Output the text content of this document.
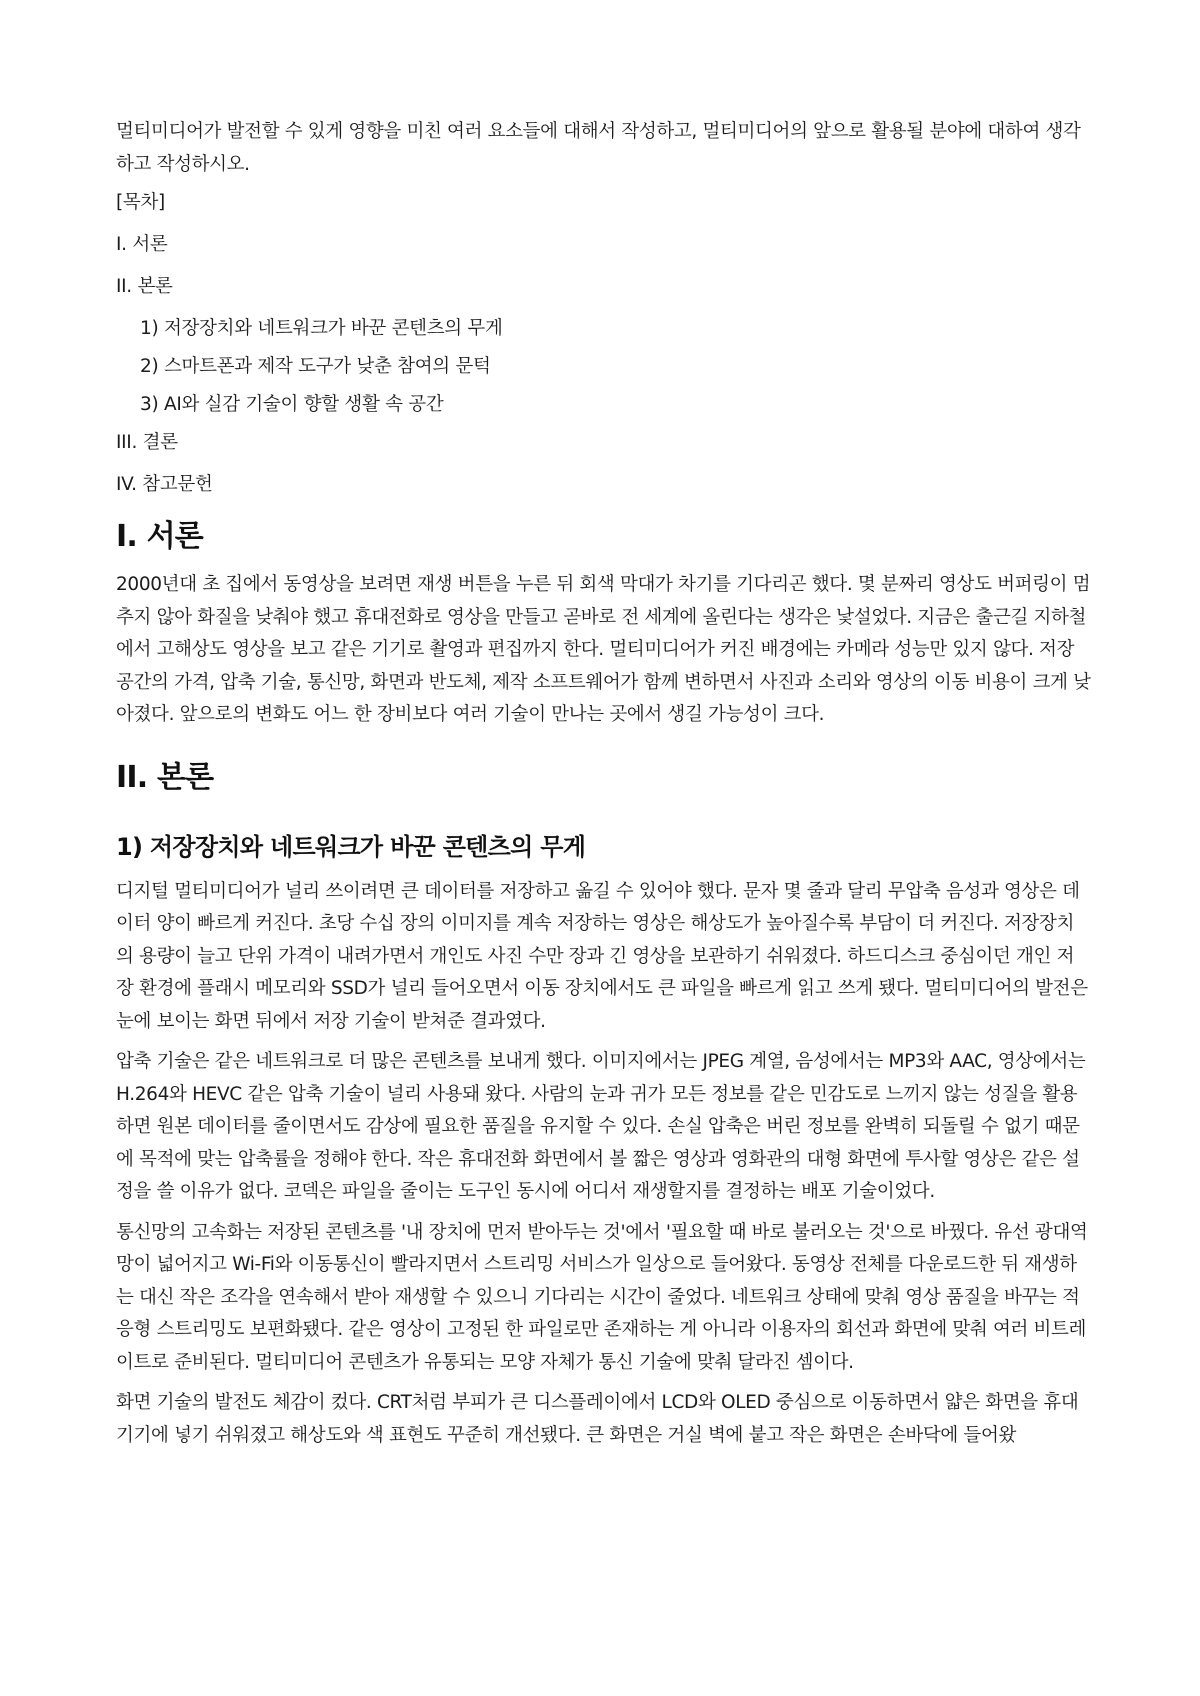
멀티미디어가 발전할 수 있게 영향을 미친 여러 요소들에 대해서 작성하고, 멀티미디어의 앞으로 활용될 분야에 대하여 생각하고 작성하시오.

[목차]

I. 서론

II. 본론

1) 저장장치와 네트워크가 바꾼 콘텐츠의 무게

2) 스마트폰과 제작 도구가 낮춘 참여의 문턱

3) AI와 실감 기술이 향할 생활 속 공간

III. 결론

IV. 참고문헌

I. 서론

2000년대 초 집에서 동영상을 보려면 재생 버튼을 누른 뒤 회색 막대가 차기를 기다리곤 했다. 몇 분짜리 영상도 버퍼링이 멈추지 않아 화질을 낮춰야 했고 휴대전화로 영상을 만들고 곧바로 전 세계에 올린다는 생각은 낯설었다. 지금은 출근길 지하철에서 고해상도 영상을 보고 같은 기기로 촬영과 편집까지 한다. 멀티미디어가 커진 배경에는 카메라 성능만 있지 않다. 저장 공간의 가격, 압축 기술, 통신망, 화면과 반도체, 제작 소프트웨어가 함께 변하면서 사진과 소리와 영상의 이동 비용이 크게 낮아졌다. 앞으로의 변화도 어느 한 장비보다 여러 기술이 만나는 곳에서 생길 가능성이 크다.

II. 본론
1) 저장장치와 네트워크가 바꾼 콘텐츠의 무게

디지털 멀티미디어가 널리 쓰이려면 큰 데이터를 저장하고 옮길 수 있어야 했다. 문자 몇 줄과 달리 무압축 음성과 영상은 데이터 양이 빠르게 커진다. 초당 수십 장의 이미지를 계속 저장하는 영상은 해상도가 높아질수록 부담이 더 커진다. 저장장치의 용량이 늘고 단위 가격이 내려가면서 개인도 사진 수만 장과 긴 영상을 보관하기 쉬워졌다. 하드디스크 중심이던 개인 저장 환경에 플래시 메모리와 SSD가 널리 들어오면서 이동 장치에서도 큰 파일을 빠르게 읽고 쓰게 됐다. 멀티미디어의 발전은 눈에 보이는 화면 뒤에서 저장 기술이 받쳐준 결과였다.

압축 기술은 같은 네트워크로 더 많은 콘텐츠를 보내게 했다. 이미지에서는 JPEG 계열, 음성에서는 MP3와 AAC, 영상에서는 H.264와 HEVC 같은 압축 기술이 널리 사용돼 왔다. 사람의 눈과 귀가 모든 정보를 같은 민감도로 느끼지 않는 성질을 활용하면 원본 데이터를 줄이면서도 감상에 필요한 품질을 유지할 수 있다. 손실 압축은 버린 정보를 완벽히 되돌릴 수 없기 때문에 목적에 맞는 압축률을 정해야 한다. 작은 휴대전화 화면에서 볼 짧은 영상과 영화관의 대형 화면에 투사할 영상은 같은 설정을 쓸 이유가 없다. 코덱은 파일을 줄이는 도구인 동시에 어디서 재생할지를 결정하는 배포 기술이었다.

통신망의 고속화는 저장된 콘텐츠를 '내 장치에 먼저 받아두는 것'에서 '필요할 때 바로 불러오는 것'으로 바꿨다. 유선 광대역망이 넓어지고 Wi-Fi와 이동통신이 빨라지면서 스트리밍 서비스가 일상으로 들어왔다. 동영상 전체를 다운로드한 뒤 재생하는 대신 작은 조각을 연속해서 받아 재생할 수 있으니 기다리는 시간이 줄었다. 네트워크 상태에 맞춰 영상 품질을 바꾸는 적응형 스트리밍도 보편화됐다. 같은 영상이 고정된 한 파일로만 존재하는 게 아니라 이용자의 회선과 화면에 맞춰 여러 비트레이트로 준비된다. 멀티미디어 콘텐츠가 유통되는 모양 자체가 통신 기술에 맞춰 달라진 셈이다.

화면 기술의 발전도 체감이 컸다. CRT처럼 부피가 큰 디스플레이에서 LCD와 OLED 중심으로 이동하면서 얇은 화면을 휴대기기에 넣기 쉬워졌고 해상도와 색 표현도 꾸준히 개선됐다. 큰 화면은 거실 벽에 붙고 작은 화면은 손바닥에 들어왔
